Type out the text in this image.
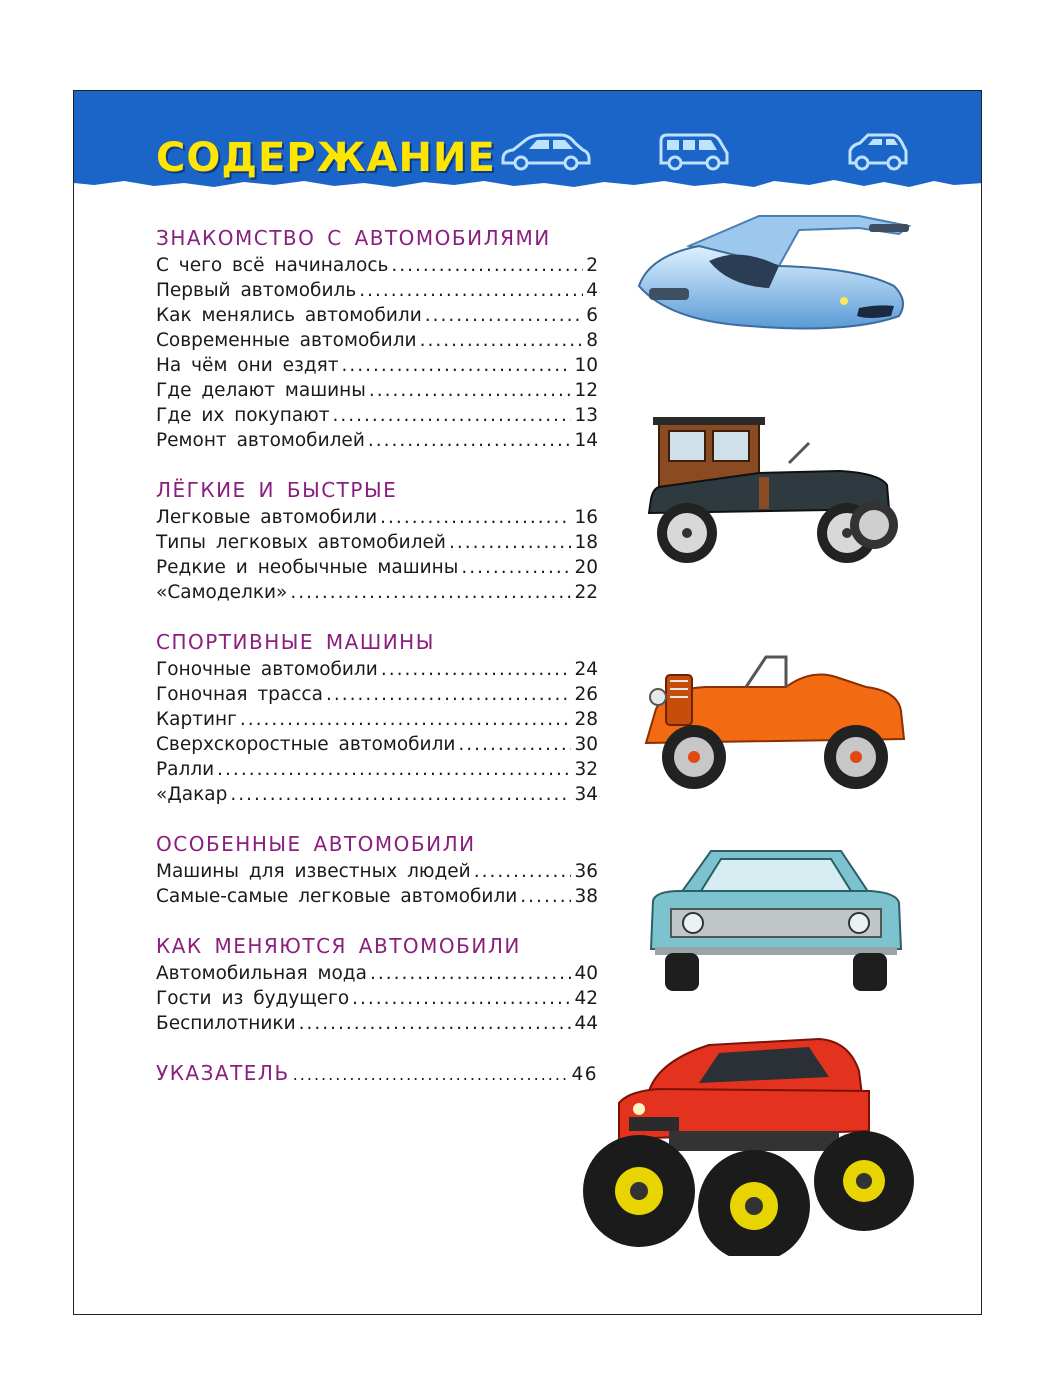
СОДЕРЖАНИЕ
ЗНАКОМСТВО С АВТОМОБИЛЯМИ
С чего всё начиналось .....	2
Первый автомобиль .....	4
Как менялись автомобили .....	6
Современные автомобили .....	8
На чём они ездят .....	10
Где делают машины .....	12
Где их покупают .....	13
Ремонт автомобилей .....	14
ЛЁГКИЕ И БЫСТРЫЕ
Легковые автомобили .....	16
Типы легковых автомобилей .....	18
Редкие и необычные машины .....	20
«Самоделки» .....	22
СПОРТИВНЫЕ МАШИНЫ
Гоночные автомобили .....	24
Гоночная трасса .....	26
Картинг .....	28
Сверхскоростные автомобили .....	30
Ралли .....	32
«Дакар .....	34
ОСОБЕННЫЕ АВТОМОБИЛИ
Машины для известных людей .....	36
Самые-самые легковые автомобили .....	38
КАК МЕНЯЮТСЯ АВТОМОБИЛИ
Автомобильная мода .....	40
Гости из будущего .....	42
Беспилотники .....	44
УКАЗАТЕЛЬ .....	46
